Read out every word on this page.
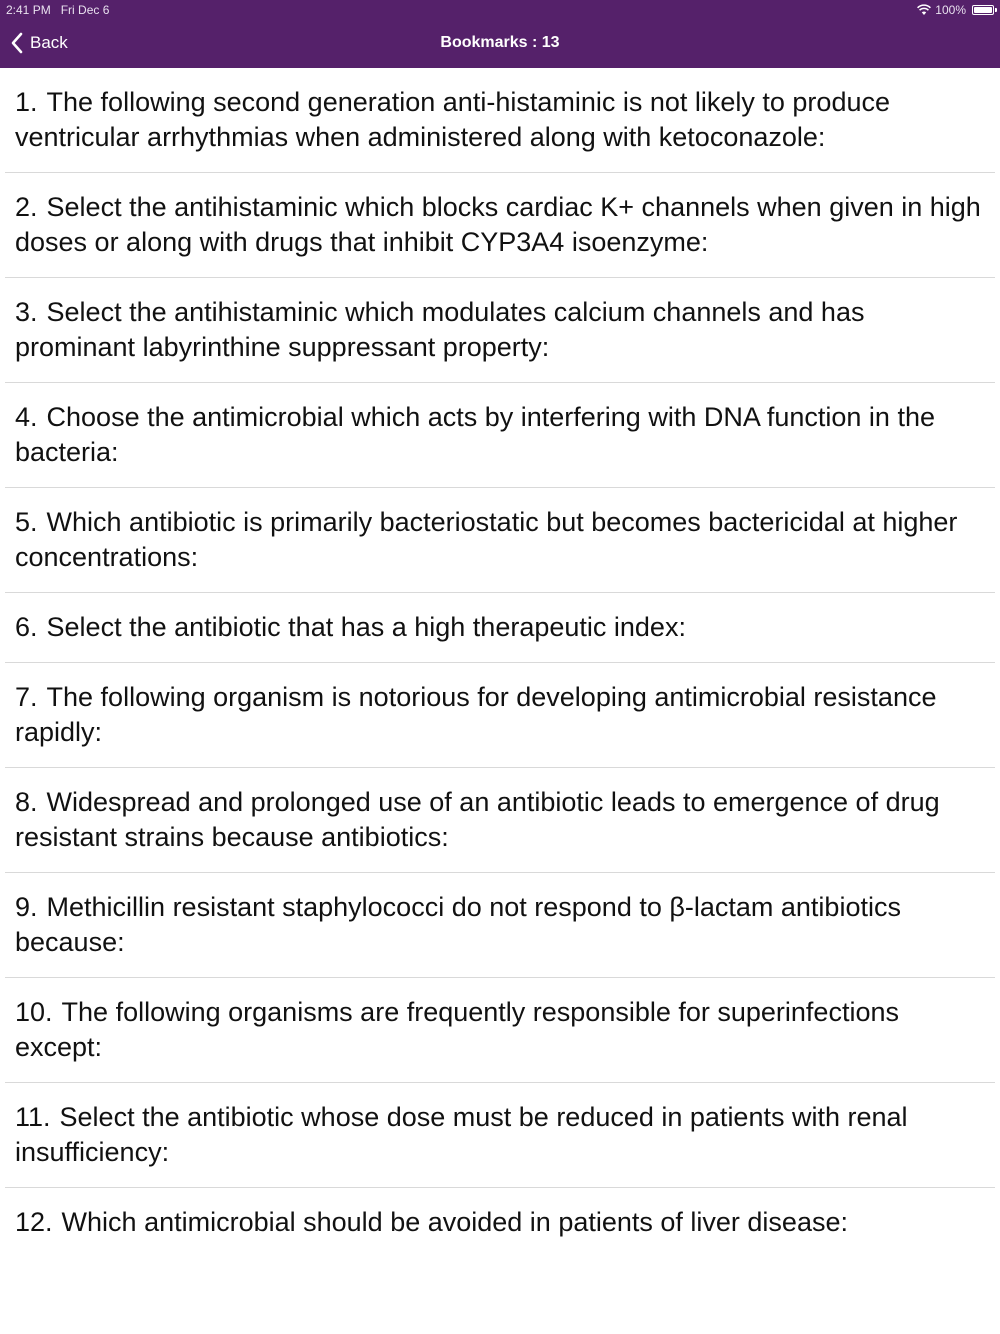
2:41 PM Fri Dec 6	100%
Back	Bookmarks : 13
1. The following second generation anti-histaminic is not likely to produce ventricular arrhythmias when administered along with ketoconazole:
2. Select the antihistaminic which blocks cardiac K+ channels when given in high doses or along with drugs that inhibit CYP3A4 isoenzyme:
3. Select the antihistaminic which modulates calcium channels and has prominant labyrinthine suppressant property:
4. Choose the antimicrobial which acts by interfering with DNA function in the bacteria:
5. Which antibiotic is primarily bacteriostatic but becomes bactericidal at higher concentrations:
6. Select the antibiotic that has a high therapeutic index:
7. The following organism is notorious for developing antimicrobial resistance rapidly:
8. Widespread and prolonged use of an antibiotic leads to emergence of drug resistant strains because antibiotics:
9. Methicillin resistant staphylococci do not respond to β-lactam antibiotics because:
10. The following organisms are frequently responsible for superinfections except:
11. Select the antibiotic whose dose must be reduced in patients with renal insufficiency:
12. Which antimicrobial should be avoided in patients of liver disease:
